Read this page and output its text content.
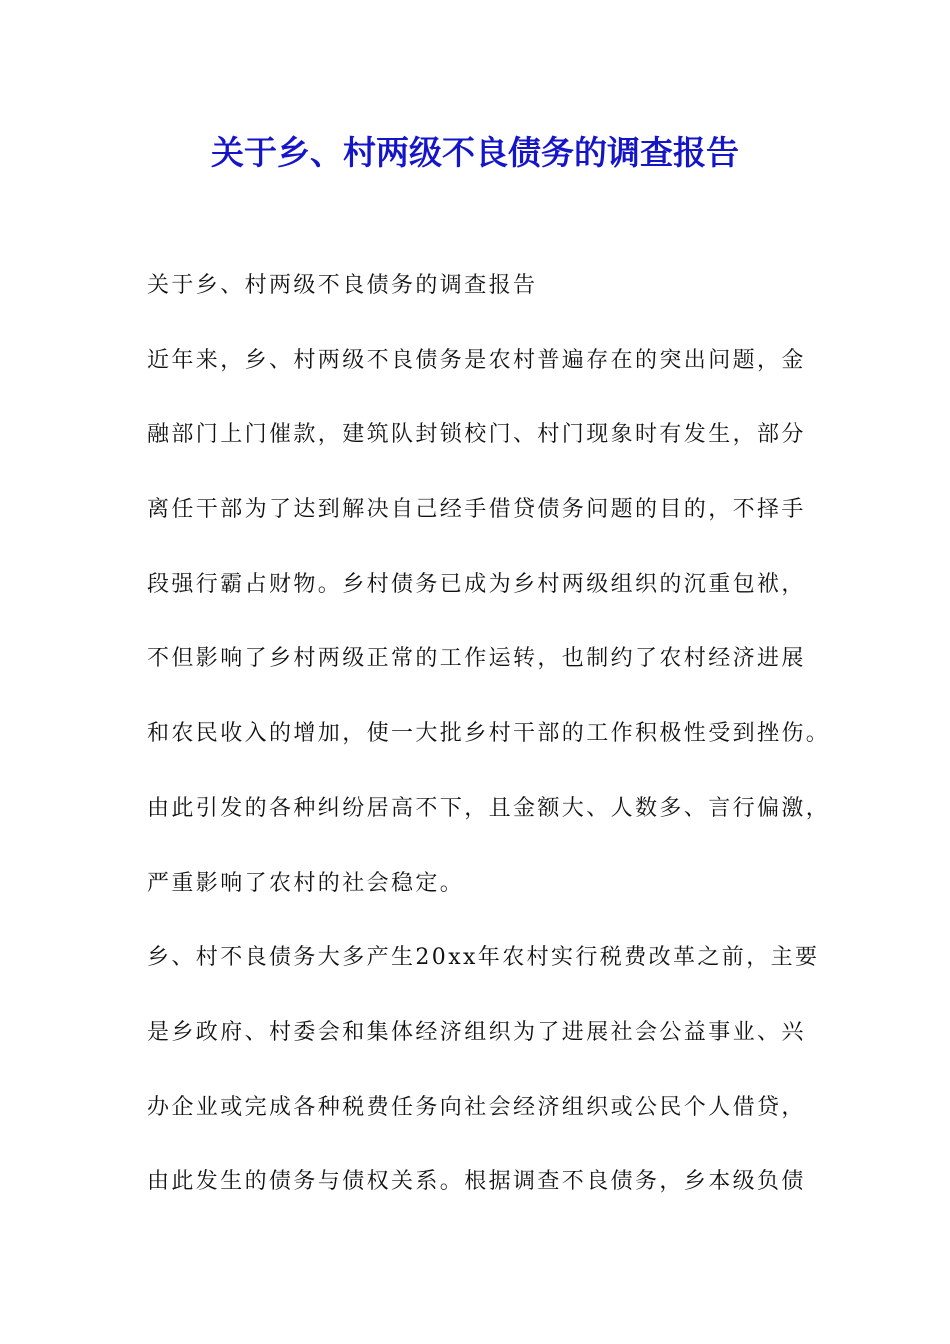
关于乡、村两级不良债务的调查报告
关于乡、村两级不良债务的调查报告
近年来，乡、村两级不良债务是农村普遍存在的突出问题，金
融部门上门催款，建筑队封锁校门、村门现象时有发生，部分
离任干部为了达到解决自己经手借贷债务问题的目的，不择手
段强行霸占财物。乡村债务已成为乡村两级组织的沉重包袱，
不但影响了乡村两级正常的工作运转，也制约了农村经济进展
和农民收入的增加，使一大批乡村干部的工作积极性受到挫伤。
由此引发的各种纠纷居高不下，且金额大、人数多、言行偏激，
严重影响了农村的社会稳定。
乡、村不良债务大多产生20xx年农村实行税费改革之前，主要
是乡政府、村委会和集体经济组织为了进展社会公益事业、兴
办企业或完成各种税费任务向社会经济组织或公民个人借贷，
由此发生的债务与债权关系。根据调查不良债务，乡本级负债
